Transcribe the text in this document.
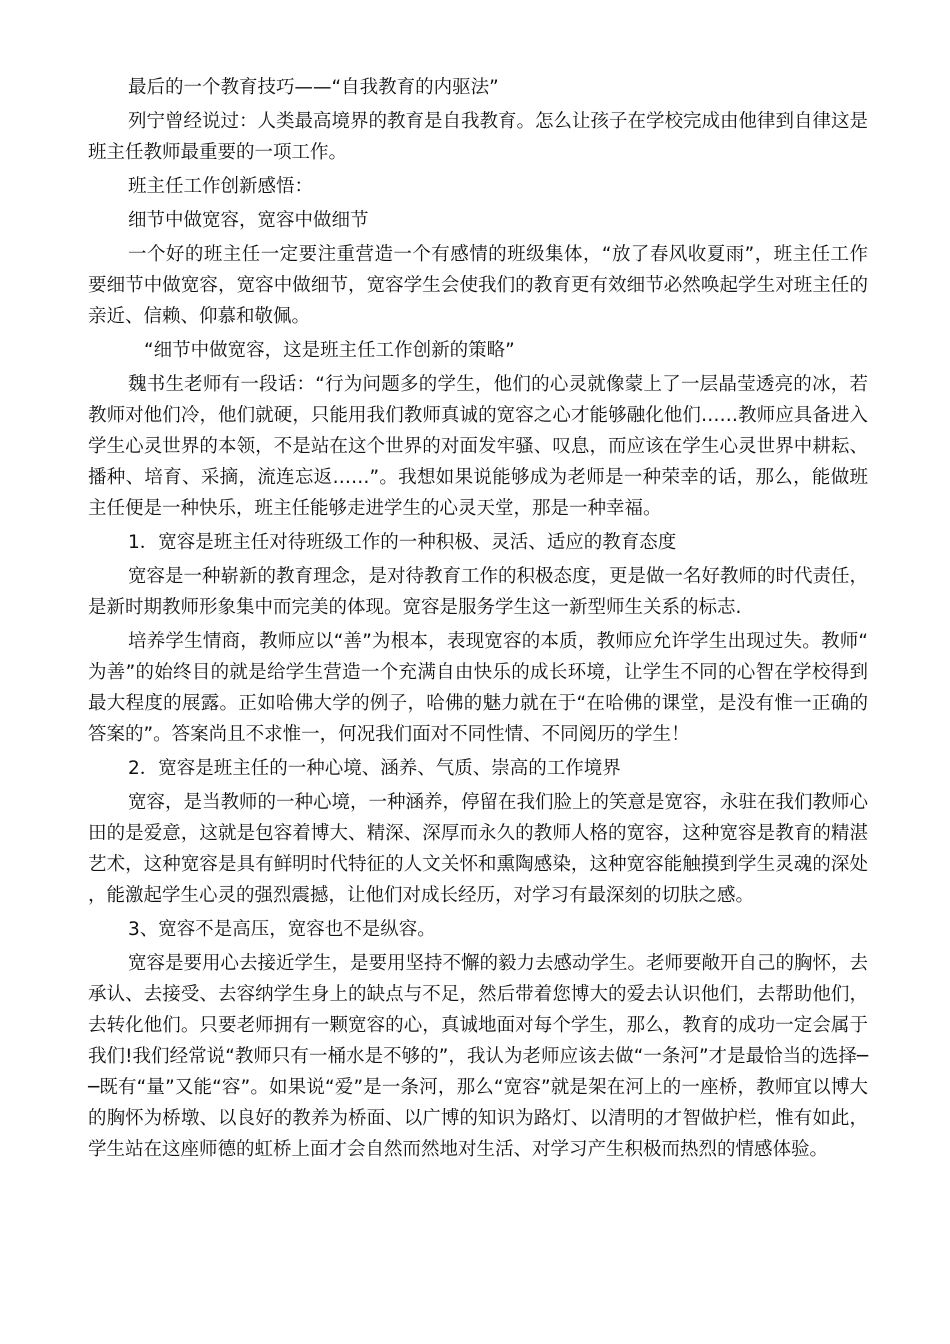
最后的一个教育技巧——“自我教育的内驱法”

列宁曾经说过：人类最高境界的教育是自我教育。怎么让孩子在学校完成由他律到自律这是班主任教师最重要的一项工作。

班主任工作创新感悟：

细节中做宽容，宽容中做细节

一个好的班主任一定要注重营造一个有感情的班级集体，“放了春风收夏雨”，班主任工作要细节中做宽容，宽容中做细节，宽容学生会使我们的教育更有效细节必然唤起学生对班主任的亲近、信赖、仰慕和敬佩。

“细节中做宽容，这是班主任工作创新的策略”

魏书生老师有一段话：“行为问题多的学生，他们的心灵就像蒙上了一层晶莹透亮的冰，若教师对他们冷，他们就硬，只能用我们教师真诚的宽容之心才能够融化他们……教师应具备进入学生心灵世界的本领，不是站在这个世界的对面发牢骚、叹息，而应该在学生心灵世界中耕耘、播种、培育、采摘，流连忘返……”。我想如果说能够成为老师是一种荣幸的话，那么，能做班主任便是一种快乐，班主任能够走进学生的心灵天堂，那是一种幸福。

1．宽容是班主任对待班级工作的一种积极、灵活、适应的教育态度

宽容是一种崭新的教育理念，是对待教育工作的积极态度，更是做一名好教师的时代责任，是新时期教师形象集中而完美的体现。宽容是服务学生这一新型师生关系的标志.

培养学生情商，教师应以“善”为根本，表现宽容的本质，教师应允许学生出现过失。教师“为善”的始终目的就是给学生营造一个充满自由快乐的成长环境，让学生不同的心智在学校得到最大程度的展露。正如哈佛大学的例子，哈佛的魅力就在于“在哈佛的课堂，是没有惟一正确的答案的”。答案尚且不求惟一，何况我们面对不同性情、不同阅历的学生！

2．宽容是班主任的一种心境、涵养、气质、崇高的工作境界

宽容，是当教师的一种心境，一种涵养，停留在我们脸上的笑意是宽容，永驻在我们教师心田的是爱意，这就是包容着博大、精深、深厚而永久的教师人格的宽容，这种宽容是教育的精湛艺术，这种宽容是具有鲜明时代特征的人文关怀和熏陶感染，这种宽容能触摸到学生灵魂的深处，能激起学生心灵的强烈震撼，让他们对成长经历，对学习有最深刻的切肤之感。

3、宽容不是高压，宽容也不是纵容。

宽容是要用心去接近学生，是要用坚持不懈的毅力去感动学生。老师要敞开自己的胸怀，去承认、去接受、去容纳学生身上的缺点与不足，然后带着您博大的爱去认识他们，去帮助他们，去转化他们。只要老师拥有一颗宽容的心，真诚地面对每个学生，那么，教育的成功一定会属于我们!我们经常说“教师只有一桶水是不够的”，我认为老师应该去做“一条河”才是最恰当的选择──既有“量”又能“容”。如果说“爱”是一条河，那么“宽容”就是架在河上的一座桥，教师宜以博大的胸怀为桥墩、以良好的教养为桥面、以广博的知识为路灯、以清明的才智做护栏，惟有如此，学生站在这座师德的虹桥上面才会自然而然地对生活、对学习产生积极而热烈的情感体验。
